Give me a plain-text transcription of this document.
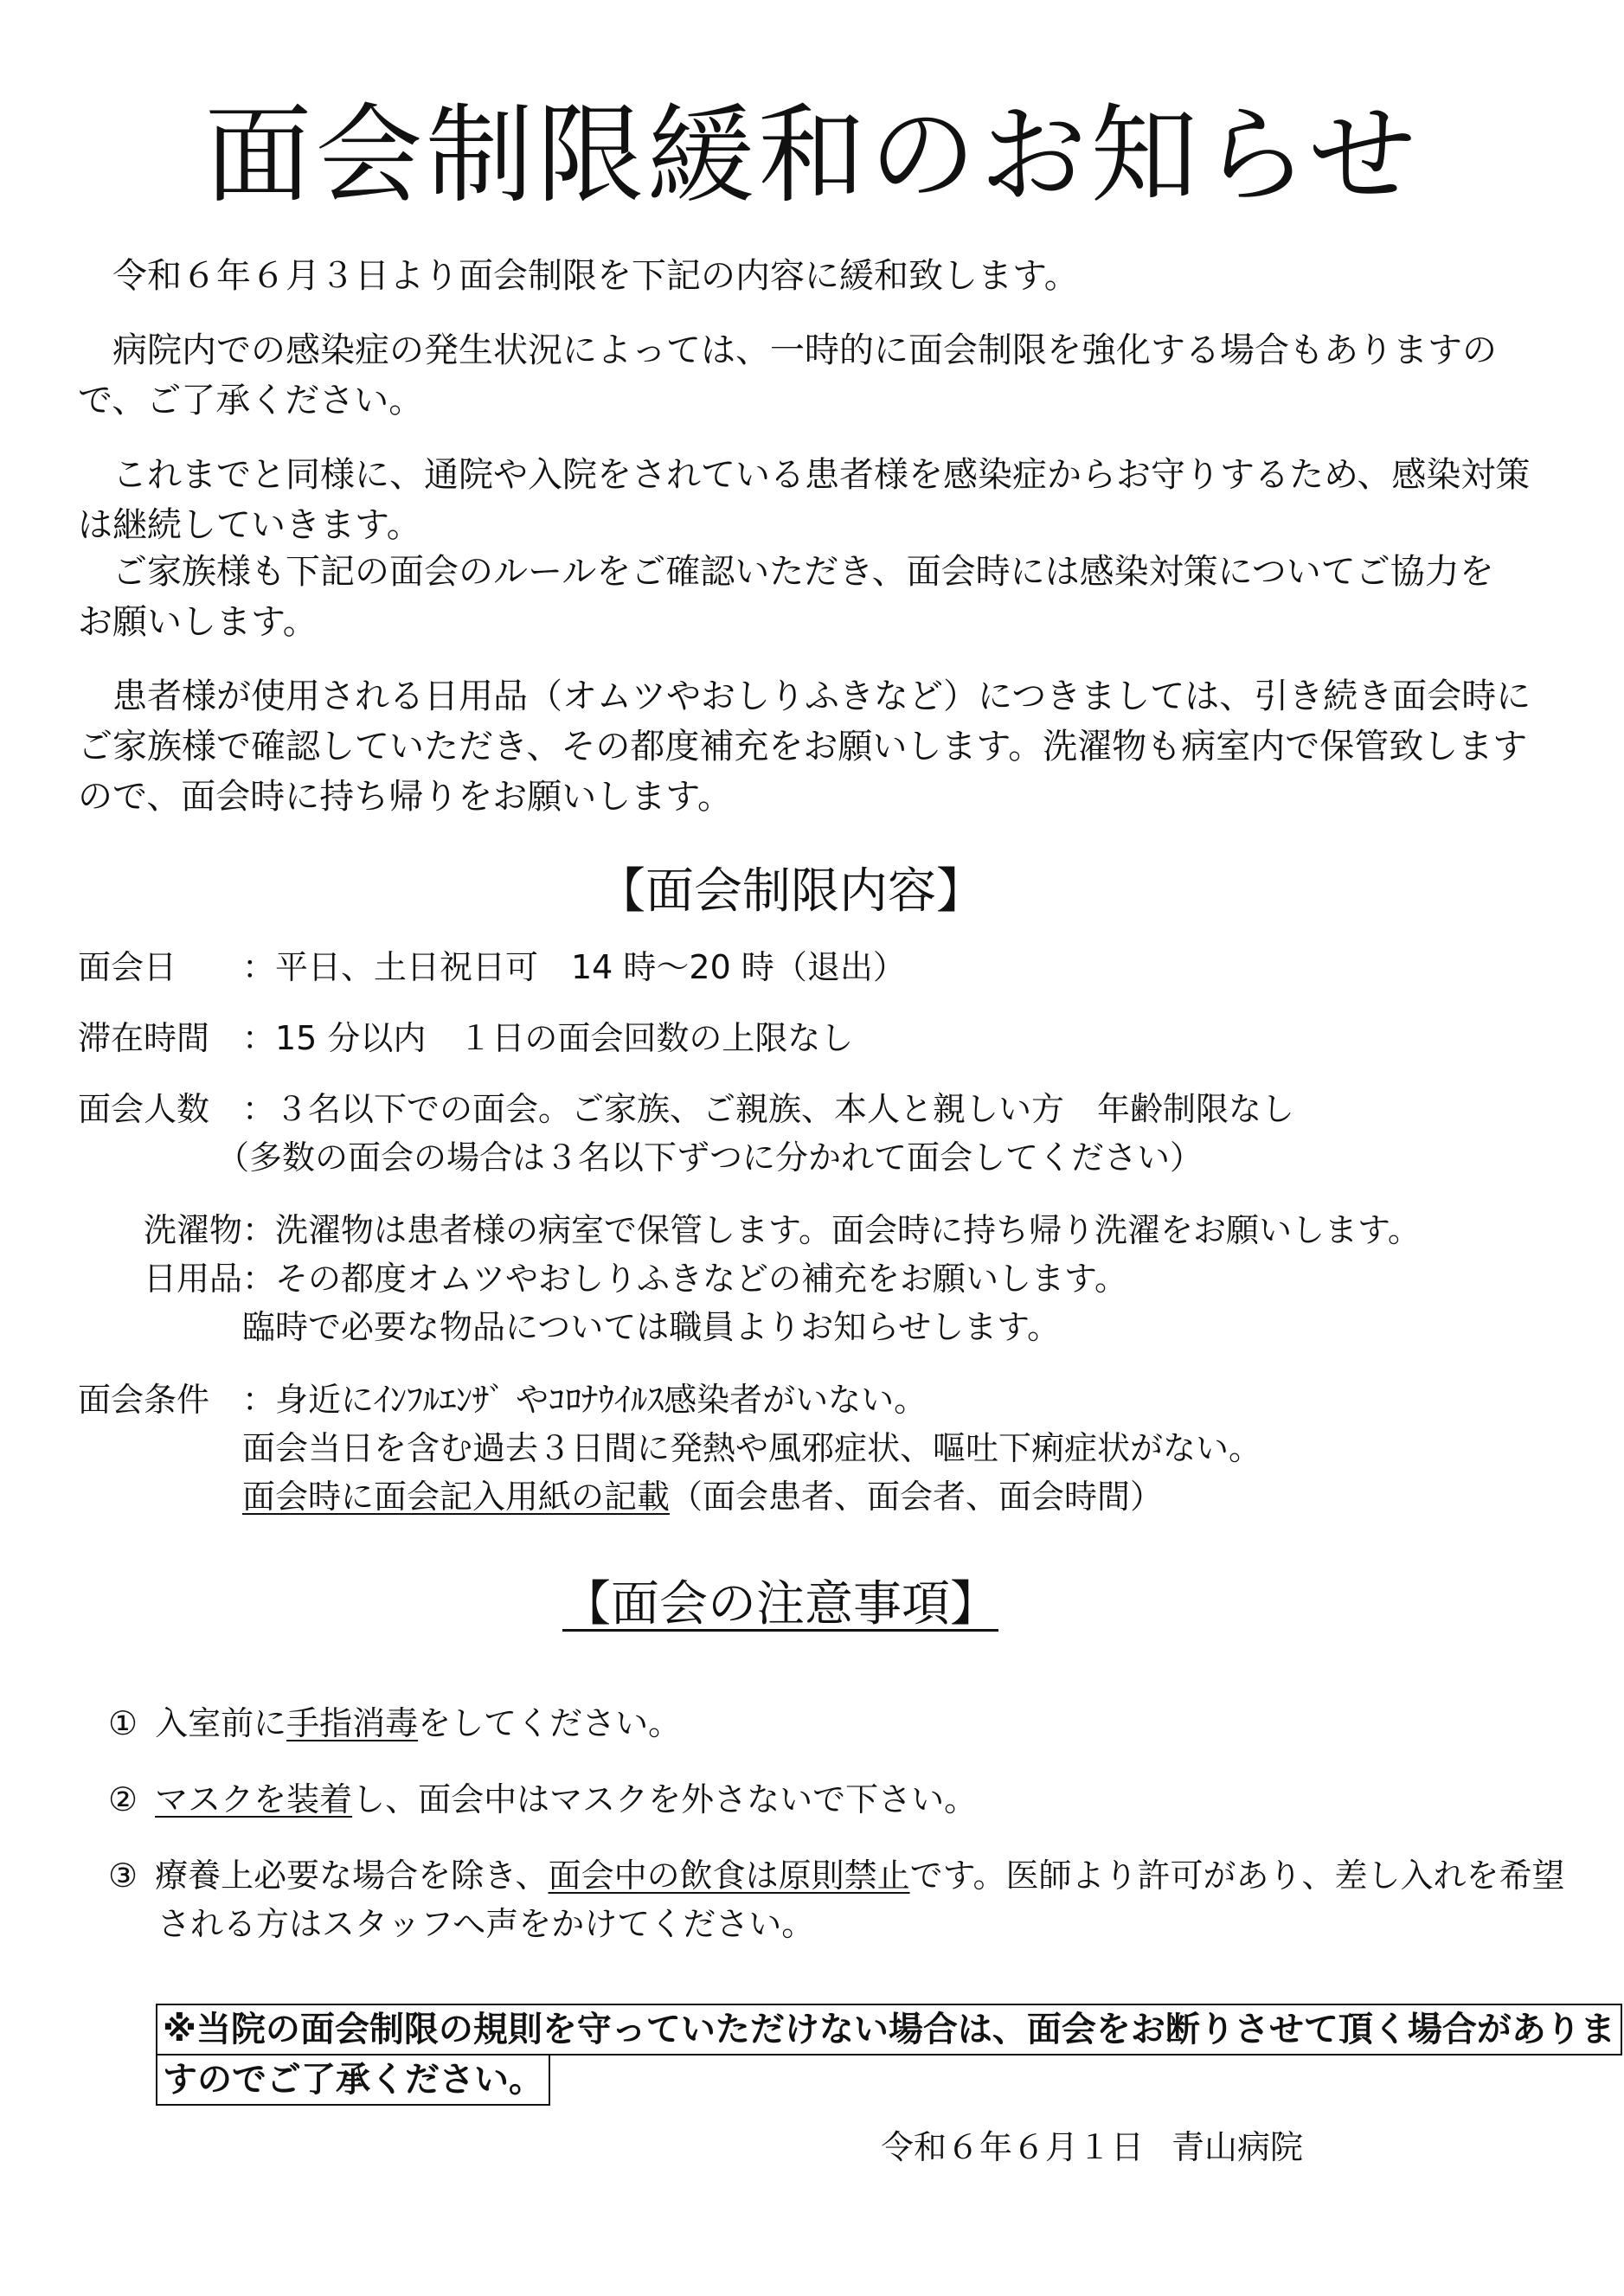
面会制限緩和のお知らせ
令和６年６月３日より面会制限を下記の内容に緩和致します。
病院内での感染症の発生状況によっては、一時的に面会制限を強化する場合もありますの
で、ご了承ください。
これまでと同様に、通院や入院をされている患者様を感染症からお守りするため、感染対策
は継続していきます。
ご家族様も下記の面会のルールをご確認いただき、面会時には感染対策についてご協力を
お願いします。
患者様が使用される日用品（オムツやおしりふきなど）につきましては、引き続き面会時に
ご家族様で確認していただき、その都度補充をお願いします。洗濯物も病室内で保管致します
ので、面会時に持ち帰りをお願いします。
【面会制限内容】
面会日 ：平日、土日祝日可　14 時～20 時（退出）
滞在時間 ：15 分以内　１日の面会回数の上限なし
面会人数 ：３名以下での面会。ご家族、ご親族、本人と親しい方　年齢制限なし
（多数の面会の場合は３名以下ずつに分かれて面会してください）
洗濯物：洗濯物は患者様の病室で保管します。面会時に持ち帰り洗濯をお願いします。
日用品：その都度オムツやおしりふきなどの補充をお願いします。
臨時で必要な物品については職員よりお知らせします。
面会条件 ：身近にｲﾝﾌﾙｴﾝｻﾞ やｺﾛﾅｳｲﾙｽ感染者がいない。
面会当日を含む過去３日間に発熱や風邪症状、嘔吐下痢症状がない。
面会時に面会記入用紙の記載（面会患者、面会者、面会時間）
【面会の注意事項】
① 入室前に手指消毒をしてください。
② マスクを装着し、面会中はマスクを外さないで下さい。
③ 療養上必要な場合を除き、面会中の飲食は原則禁止です。医師より許可があり、差し入れを希望
される方はスタッフへ声をかけてください。
※当院の面会制限の規則を守っていただけない場合は、面会をお断りさせて頂く場合がありま
すのでご了承ください。
令和６年６月１日 青山病院
